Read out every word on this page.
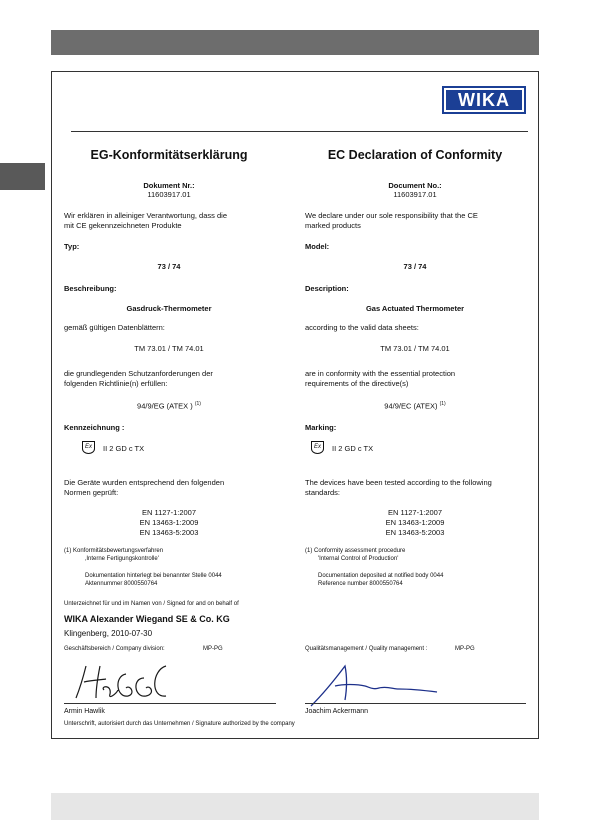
WIKA
EG-Konformitätserklärung	EC Declaration of Conformity
Dokument Nr.:
11603917.01
Document No.:
11603917.01
Wir erklären in alleiniger Verantwortung, dass die
mit CE gekennzeichneten Produkte
We declare under our sole responsibility that the CE
marked products
Typ:	Model:
73 / 74	73 / 74
Beschreibung:	Description:
Gasdruck-Thermometer	Gas Actuated Thermometer
gemäß gültigen Datenblättern:	according to the valid data sheets:
TM 73.01 / TM 74.01	TM 73.01 / TM 74.01
die grundlegenden Schutzanforderungen der
folgenden Richtlinie(n) erfüllen:
are in conformity with the essential protection
requirements of the directive(s)
94/9/EG (ATEX ) $^{(1)}$	94/9/EC (ATEX) $^{(1)}$
Kennzeichnung :	Marking:
Ex	II 2 GD c TX	Ex	II 2 GD c TX
Die Geräte wurden entsprechend den folgenden
Normen geprüft:
The devices have been tested according to the following
standards:
EN 1127-1:2007
EN 13463-1:2009
EN 13463-5:2003
EN 1127-1:2007
EN 13463-1:2009
EN 13463-5:2003
(1) Konformitätsbewertungsverfahren
‚Interne Fertigungskontrolle'
Dokumentation hinterlegt bei benannter Stelle 0044
Aktennummer 8000550764
(1) Conformity assessment procedure
'Internal Control of Production'
Documentation deposited at notified body 0044
Reference number 8000550764
Unterzeichnet für und im Namen von / Signed for and on behalf of
WIKA Alexander Wiegand SE & Co. KG
Klingenberg, 2010-07-30
Geschäftsbereich / Company division:	MP-PG	Qualitätsmanagement / Quality management :	MP-PG
Armin Hawlik	Joachim Ackermann
Unterschrift, autorisiert durch das Unternehmen / Signature authorized by the company
